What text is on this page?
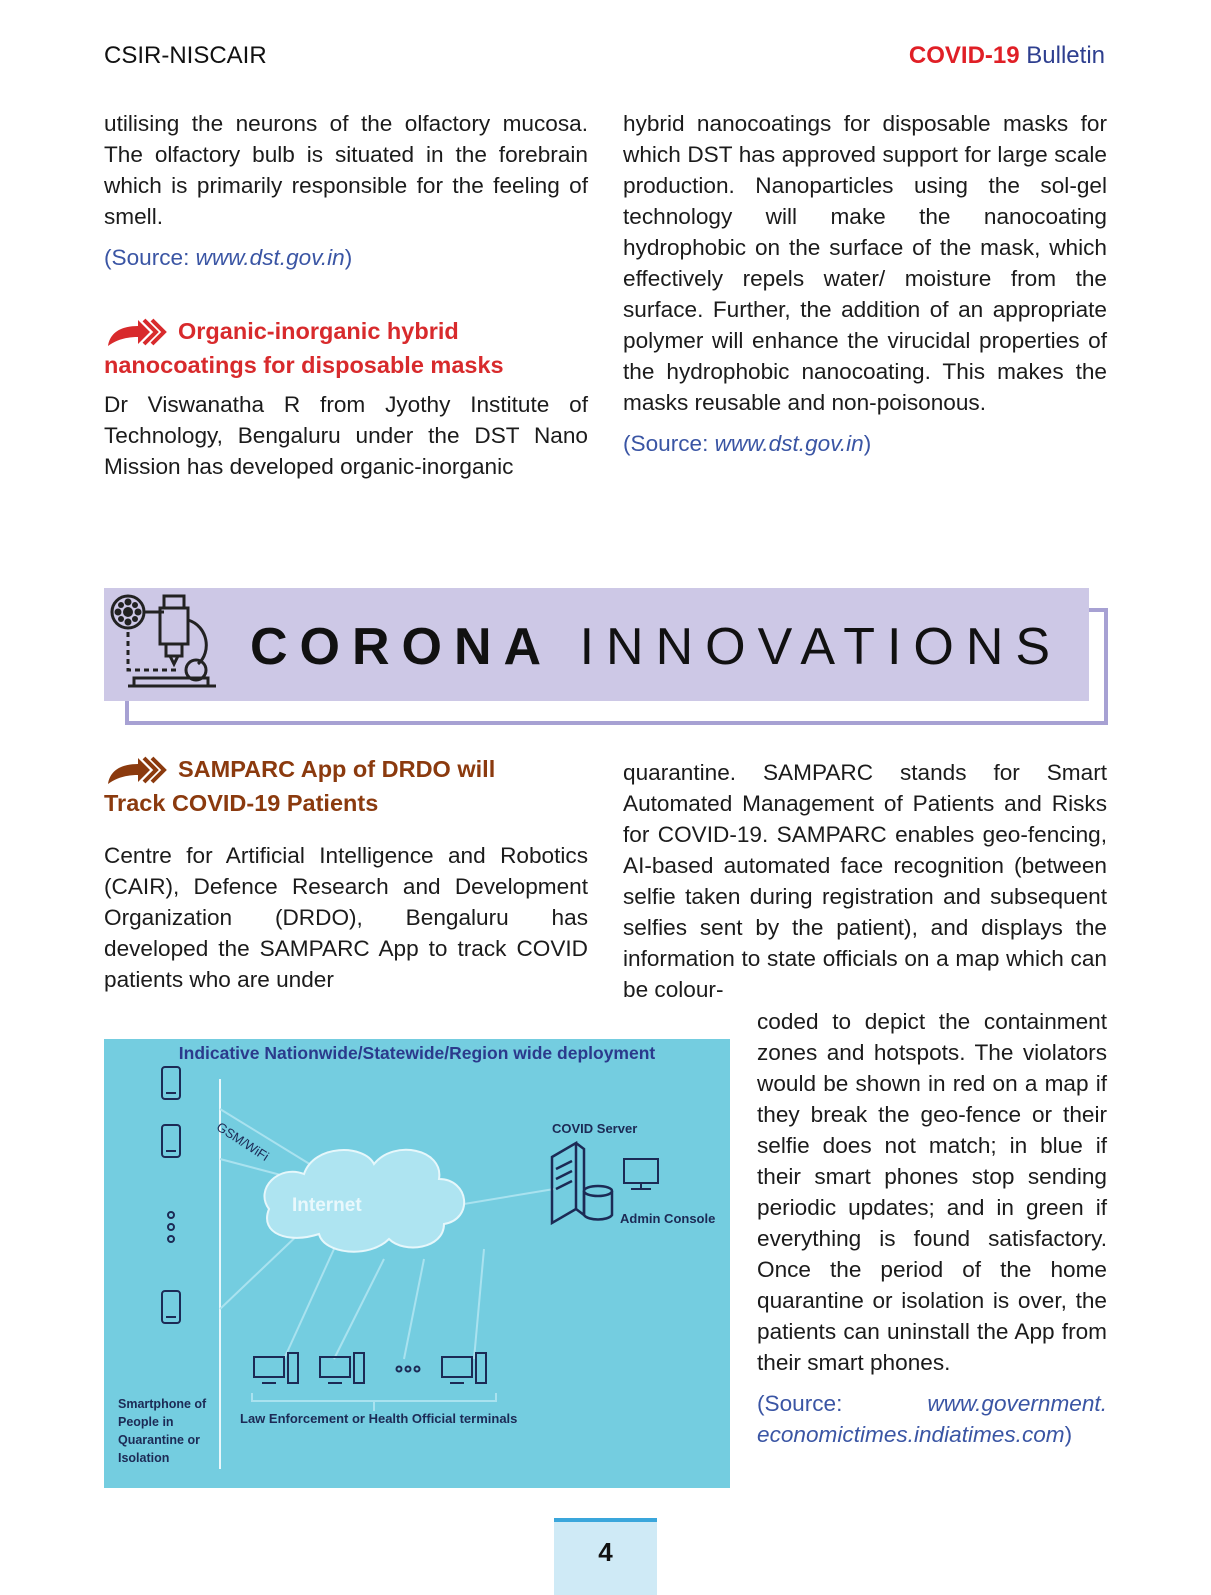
CSIR-NISCAIR	COVID-19 Bulletin

utilising the neurons of the olfactory mucosa. The olfactory bulb is situated in the forebrain which is primarily responsible for the feeling of smell.

(Source: www.dst.gov.in)

Organic-inorganic hybrid
nanocoatings for disposable masks

Dr Viswanatha R from Jyothy Institute of Technology, Bengaluru under the DST Nano Mission has developed organic-inorganic

hybrid nanocoatings for disposable masks for which DST has approved support for large scale production. Nanoparticles using the sol-gel technology will make the nanocoating hydrophobic on the surface of the mask, which effectively repels water/ moisture from the surface. Further, the addition of an appropriate polymer will enhance the virucidal properties of the hydrophobic nanocoating. This makes the masks reusable and non-poisonous.

(Source: www.dst.gov.in)

CORONA INNOVATIONS
SAMPARC App of DRDO will
Track COVID-19 Patients

Centre for Artificial Intelligence and Robotics (CAIR), Defence Research and Development Organization (DRDO), Bengaluru has developed the SAMPARC App to track COVID patients who are under

quarantine. SAMPARC stands for Smart Automated Management of Patients and Risks for COVID-19. SAMPARC enables geo-fencing, AI-based automated face recognition (between selfie taken during registration and subsequent selfies sent by the patient), and displays the information to state officials on a map which can be colour-

coded to depict the containment zones and hotspots. The violators would be shown in red on a map if they break the geo-fence or their selfie does not match; in blue if their smart phones stop sending periodic updates; and in green if everything is found satisfactory. Once the period of the home quarantine or isolation is over, the patients can uninstall the App from their smart phones.

(Source: www.government. economictimes.indiatimes.com)

Indicative Nationwide/Statewide/Region wide deployment
GSM/WiFi
Internet
COVID Server
Admin Console
Smartphone of
People in
Quarantine or
Isolation
Law Enforcement or Health Official terminals
4
